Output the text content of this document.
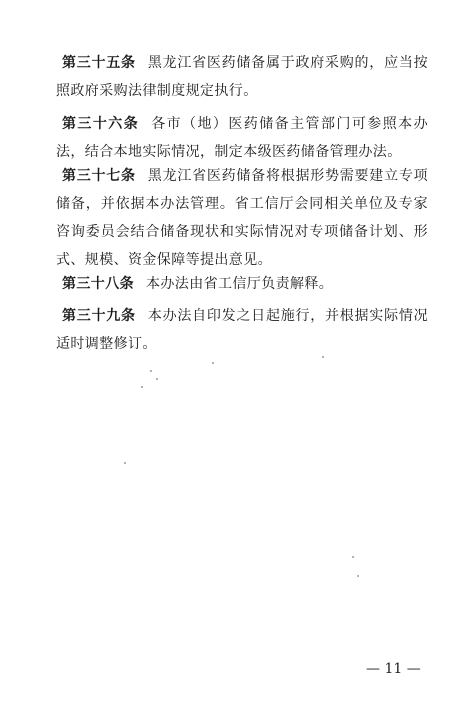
第三十五条 黑龙江省医药储备属于政府采购的，应当按照政府采购法律制度规定执行。
第三十六条 各市（地）医药储备主管部门可参照本办法，结合本地实际情况，制定本级医药储备管理办法。
第三十七条 黑龙江省医药储备将根据形势需要建立专项储备，并依据本办法管理。省工信厅会同相关单位及专家咨询委员会结合储备现状和实际情况对专项储备计划、形式、规模、资金保障等提出意见。
第三十八条 本办法由省工信厅负责解释。
第三十九条 本办法自印发之日起施行，并根据实际情况适时调整修订。
— 11 —
